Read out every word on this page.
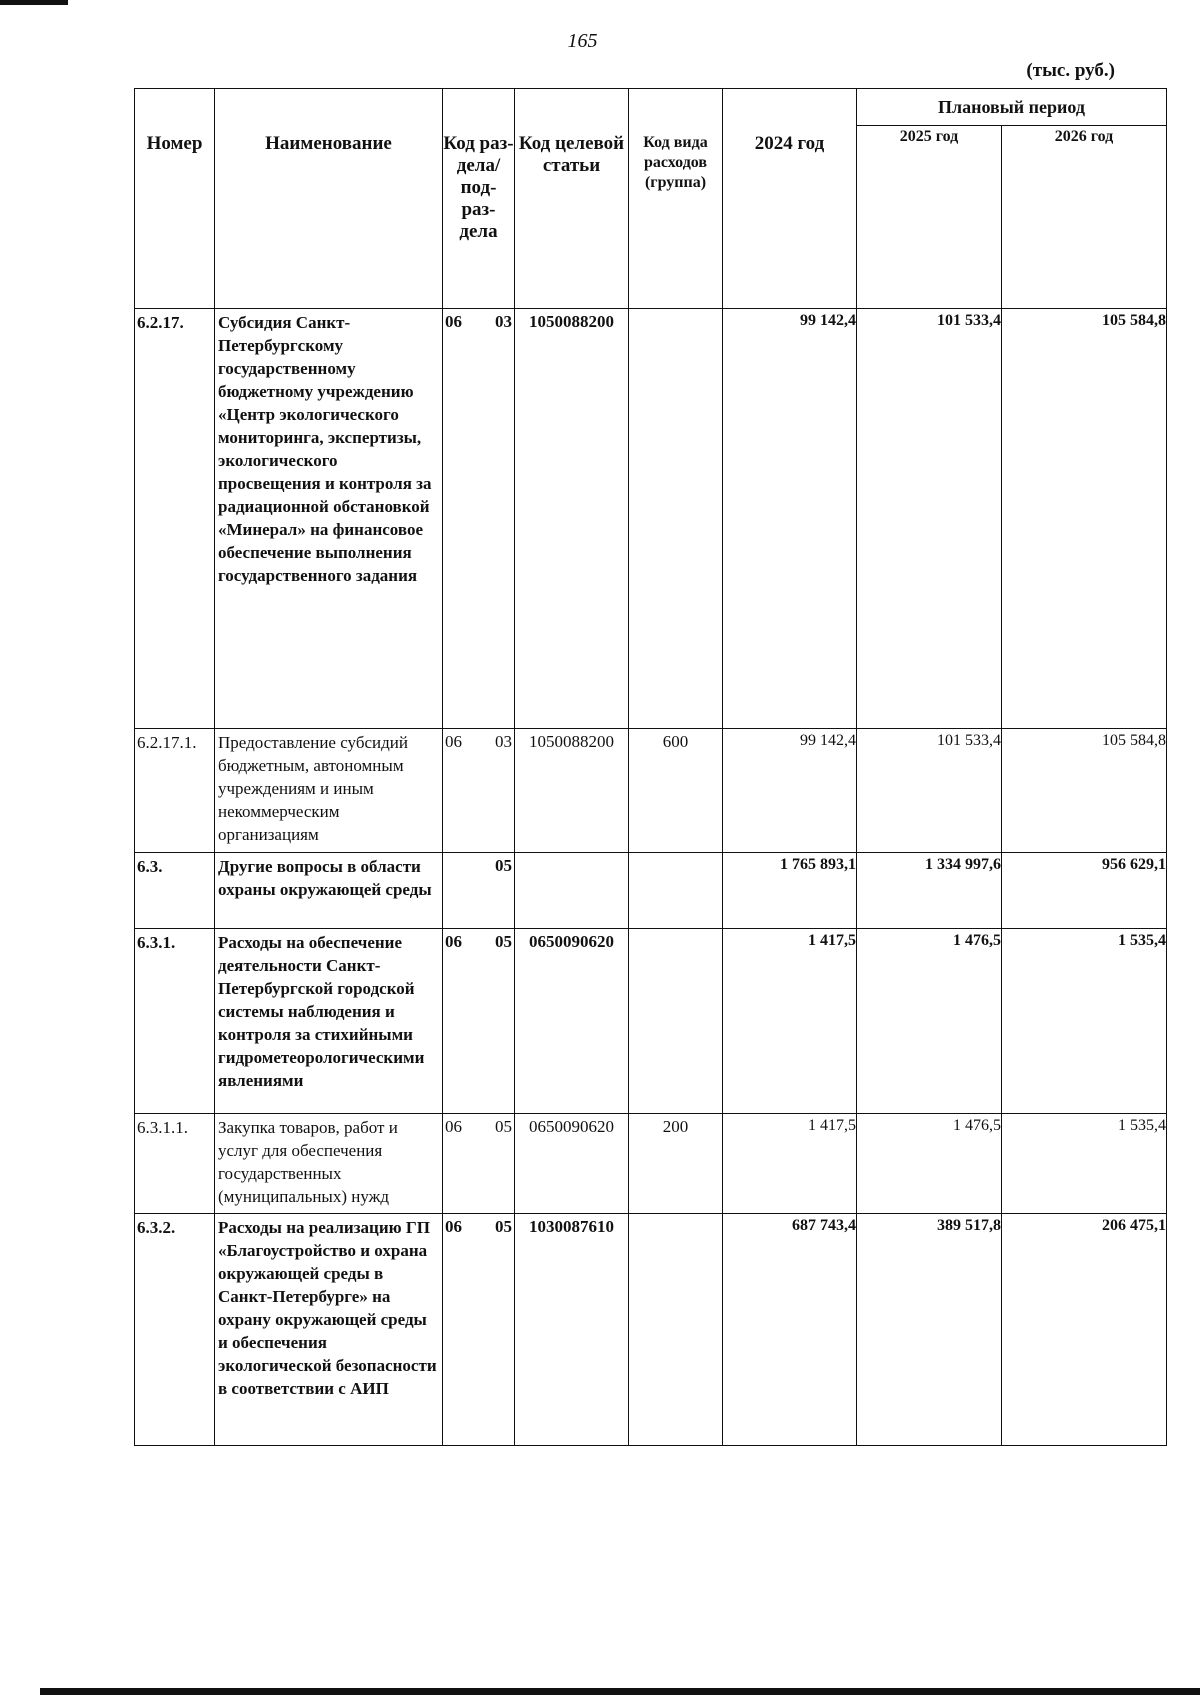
165
(тыс. руб.)
Номер	Наименование	Код раз- дела/ под- раз- дела	Код целевой статьи	Код вида расходов (группа)	2024 год	Плановый период	
						2025 год	2026 год
6.2.17.	Субсидия Санкт-Петербургскому государственному бюджетному учреждению «Центр экологического мониторинга, экспертизы, экологического просвещения и контроля за радиационной обстановкой «Минерал» на финансовое обеспечение выполнения государственного задания	06 03	1050088200		99 142,4	101 533,4	105 584,8
6.2.17.1.	Предоставление субсидий бюджетным, автономным учреждениям и иным некоммерческим организациям	06 03	1050088200	600	99 142,4	101 533,4	105 584,8
6.3.	Другие вопросы в области охраны окружающей среды	05			1 765 893,1	1 334 997,6	956 629,1
6.3.1.	Расходы на обеспечение деятельности Санкт-Петербургской городской системы наблюдения и контроля за стихийными гидрометеорологическими явлениями	06 05	0650090620		1 417,5	1 476,5	1 535,4
6.3.1.1.	Закупка товаров, работ и услуг для обеспечения государственных (муниципальных) нужд	06 05	0650090620	200	1 417,5	1 476,5	1 535,4
6.3.2.	Расходы на реализацию ГП «Благоустройство и охрана окружающей среды в Санкт-Петербурге» на охрану окружающей среды и обеспечения экологической безопасности в соответствии с АИП	06 05	1030087610		687 743,4	389 517,8	206 475,1
